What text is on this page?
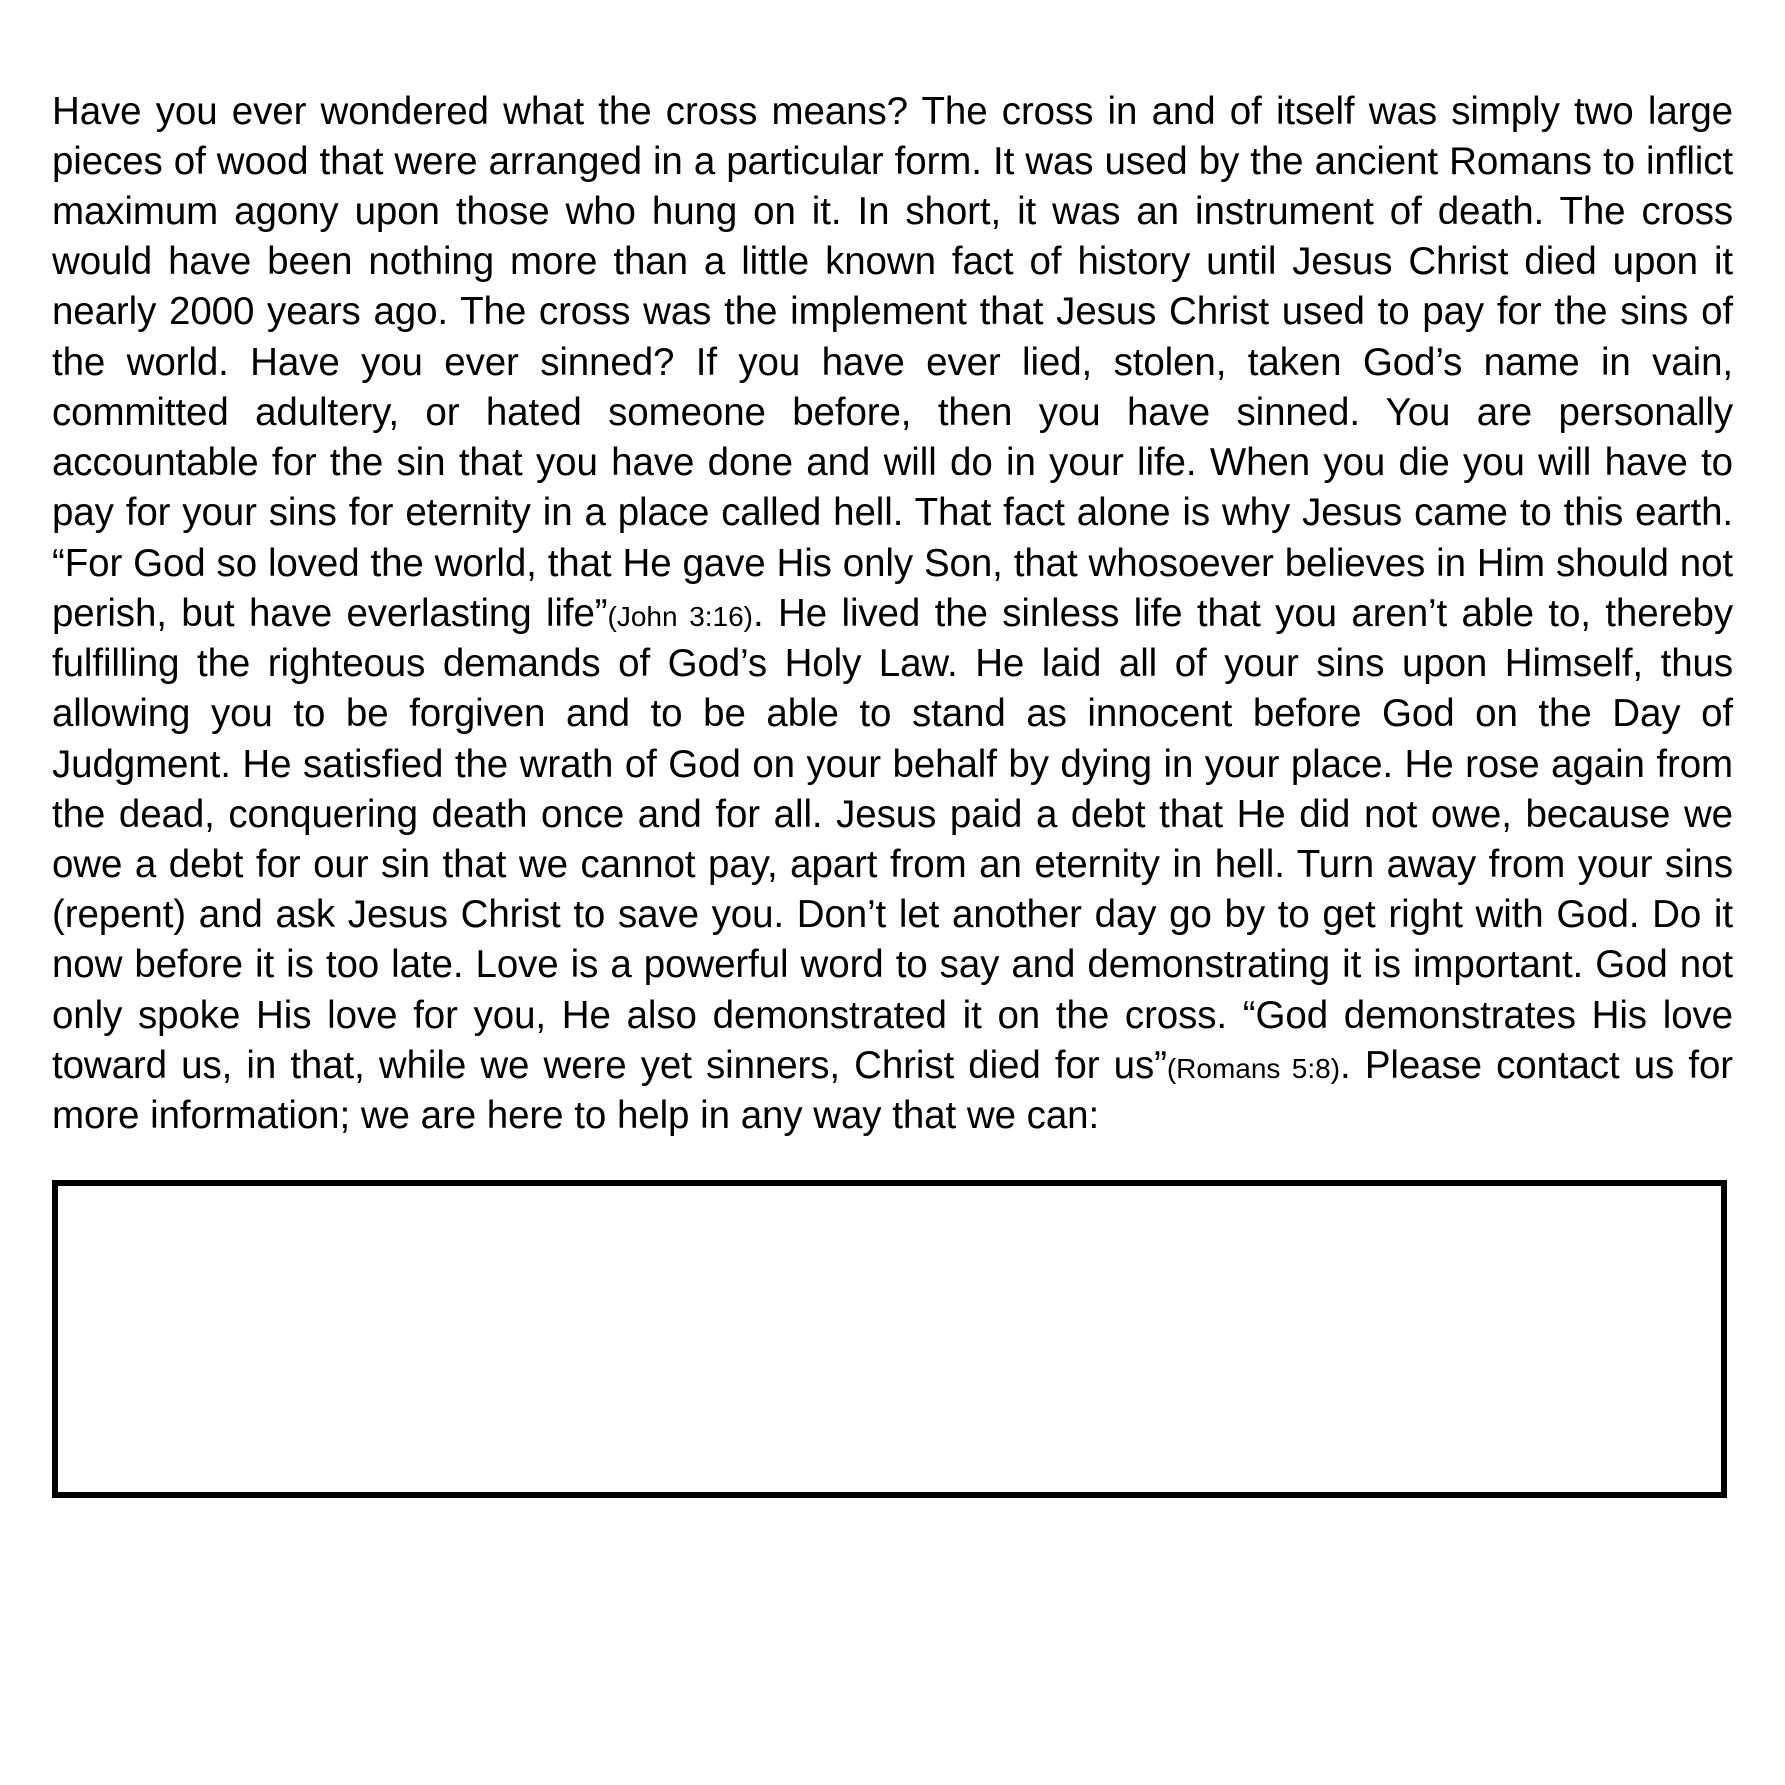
Have you ever wondered what the cross means? The cross in and of itself was simply two large pieces of wood that were arranged in a particular form. It was used by the ancient Romans to inflict maximum agony upon those who hung on it. In short, it was an instrument of death. The cross would have been nothing more than a little known fact of history until Jesus Christ died upon it nearly 2000 years ago. The cross was the implement that Jesus Christ used to pay for the sins of the world. Have you ever sinned? If you have ever lied, stolen, taken God’s name in vain, committed adultery, or hated someone before, then you have sinned. You are personally accountable for the sin that you have done and will do in your life. When you die you will have to pay for your sins for eternity in a place called hell. That fact alone is why Jesus came to this earth. “For God so loved the world, that He gave His only Son, that whosoever believes in Him should not perish, but have everlasting life”(John 3:16). He lived the sinless life that you aren’t able to, thereby fulfilling the righteous demands of God’s Holy Law. He laid all of your sins upon Himself, thus allowing you to be forgiven and to be able to stand as innocent before God on the Day of Judgment. He satisfied the wrath of God on your behalf by dying in your place. He rose again from the dead, conquering death once and for all. Jesus paid a debt that He did not owe, because we owe a debt for our sin that we cannot pay, apart from an eternity in hell. Turn away from your sins (repent) and ask Jesus Christ to save you. Don’t let another day go by to get right with God. Do it now before it is too late. Love is a powerful word to say and demonstrating it is important. God not only spoke His love for you, He also demonstrated it on the cross. “God demonstrates His love toward us, in that, while we were yet sinners, Christ died for us”(Romans 5:8). Please contact us for more information; we are here to help in any way that we can:
